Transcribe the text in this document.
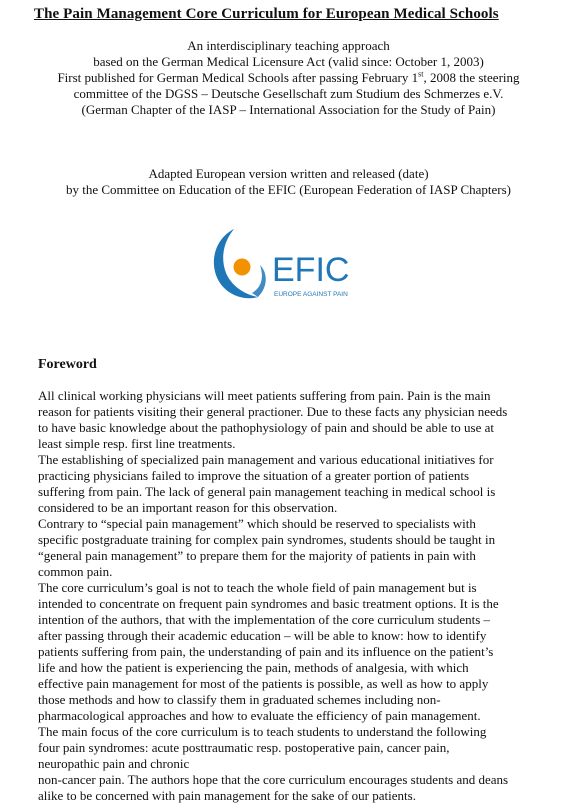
The Pain Management Core Curriculum for European Medical Schools
An interdisciplinary teaching approach
based on the German Medical Licensure Act (valid since: October 1, 2003)
First published for German Medical Schools after passing February 1st, 2008 the steering
committee of the DGSS – Deutsche Gesellschaft zum Studium des Schmerzes e.V.
(German Chapter of the IASP – International Association for the Study of Pain)
Adapted European version written and released (date)
by the Committee on Education of the EFIC (European Federation of IASP Chapters)
EFIC
EUROPE AGAINST PAIN
Foreword
All clinical working physicians will meet patients suffering from pain. Pain is the main
reason for patients visiting their general practioner. Due to these facts any physician needs
to have basic knowledge about the pathophysiology of pain and should be able to use at
least simple resp. first line treatments.
The establishing of specialized pain management and various educational initiatives for
practicing physicians failed to improve the situation of a greater portion of patients
suffering from pain. The lack of general pain management teaching in medical school is
considered to be an important reason for this observation.
Contrary to “special pain management” which should be reserved to specialists with
specific postgraduate training for complex pain syndromes, students should be taught in
“general pain management” to prepare them for the majority of patients in pain with
common pain.
The core curriculum’s goal is not to teach the whole field of pain management but is
intended to concentrate on frequent pain syndromes and basic treatment options. It is the
intention of the authors, that with the implementation of the core curriculum students –
after passing through their academic education – will be able to know: how to identify
patients suffering from pain, the understanding of pain and its influence on the patient’s
life and how the patient is experiencing the pain, methods of analgesia, with which
effective pain management for most of the patients is possible, as well as how to apply
those methods and how to classify them in graduated schemes including non-
pharmacological approaches and how to evaluate the efficiency of pain management.
The main focus of the core curriculum is to teach students to understand the following
four pain syndromes: acute posttraumatic resp. postoperative pain, cancer pain,
neuropathic pain and chronic
non-cancer pain. The authors hope that the core curriculum encourages students and deans
alike to be concerned with pain management for the sake of our patients.
